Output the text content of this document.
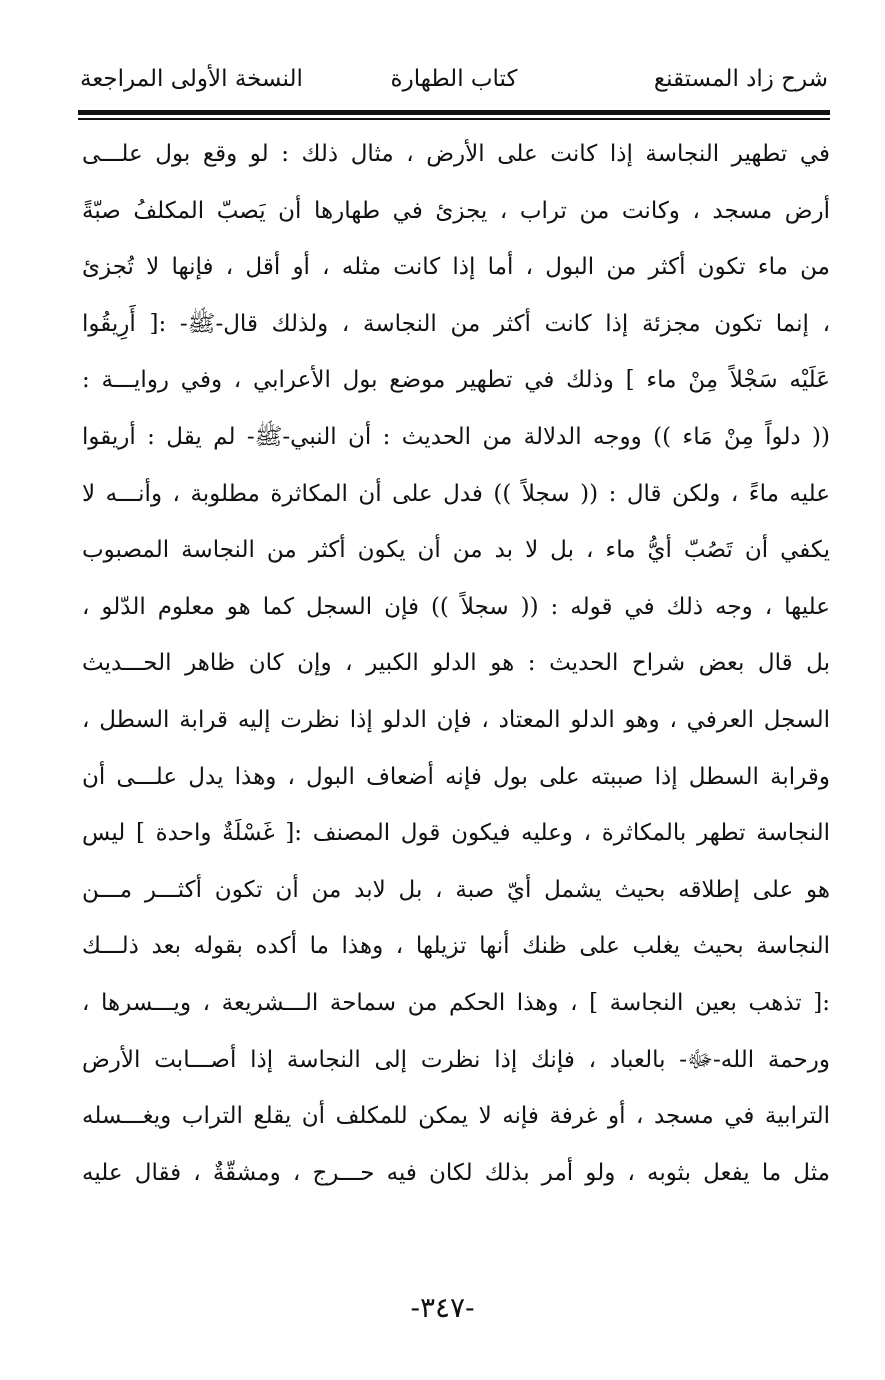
شرح زاد المستقنع
كتاب الطهارة
النسخة الأولى المراجعة
في تطهير النجاسة إذا كانت على الأرض ، مثال ذلك : لو وقع بول علـــى
أرض مسجد ، وكانت من تراب ، يجزئ في طهارها أن يَصبّ المكلفُ صبّةً
من ماء تكون أكثر من البول ، أما إذا كانت مثله ، أو أقل ، فإنها لا تُجزئ
، إنما تكون مجزئة إذا كانت أكثر من النجاسة ، ولذلك قال-ﷺ- :[ أَرِيقُوا
عَلَيْه سَجْلاً مِنْ ماء ] وذلك في تطهير موضع بول الأعرابي ، وفي روايـــة :
(( دلواً مِنْ مَاء )) ووجه الدلالة من الحديث : أن النبي-ﷺ- لم يقل : أريقوا
عليه ماءً ، ولكن قال : (( سجلاً )) فدل على أن المكاثرة مطلوبة ، وأنـــه لا
يكفي أن تَصُبّ أيُّ ماء ، بل لا بد من أن يكون أكثر من النجاسة المصبوب
عليها ، وجه ذلك في قوله : (( سجلاً )) فإن السجل كما هو معلوم الدّلو ،
بل قال بعض شراح الحديث : هو الدلو الكبير ، وإن كان ظاهر الحـــديث
السجل العرفي ، وهو الدلو المعتاد ، فإن الدلو إذا نظرت إليه قرابة السطل ،
وقرابة السطل إذا صببته على بول فإنه أضعاف البول ، وهذا يدل علـــى أن
النجاسة تطهر بالمكاثرة ، وعليه فيكون قول المصنف :[ غَسْلَةٌ واحدة ] ليس
هو على إطلاقه بحيث يشمل أيّ صبة ، بل لابد من أن تكون أكثـــر مـــن
النجاسة بحيث يغلب على ظنك أنها تزيلها ، وهذا ما أكده بقوله بعد ذلـــك
:[ تذهب بعين النجاسة ] ، وهذا الحكم من سماحة الـــشريعة ، ويـــسرها ،
ورحمة الله-ﷻ- بالعباد ، فإنك إذا نظرت إلى النجاسة إذا أصـــابت الأرض
الترابية في مسجد ، أو غرفة فإنه لا يمكن للمكلف أن يقلع التراب ويغـــسله
مثل ما يفعل بثوبه ، ولو أمر بذلك لكان فيه حـــرج ، ومشقّةٌ ، فقال عليه
-٣٤٧-
